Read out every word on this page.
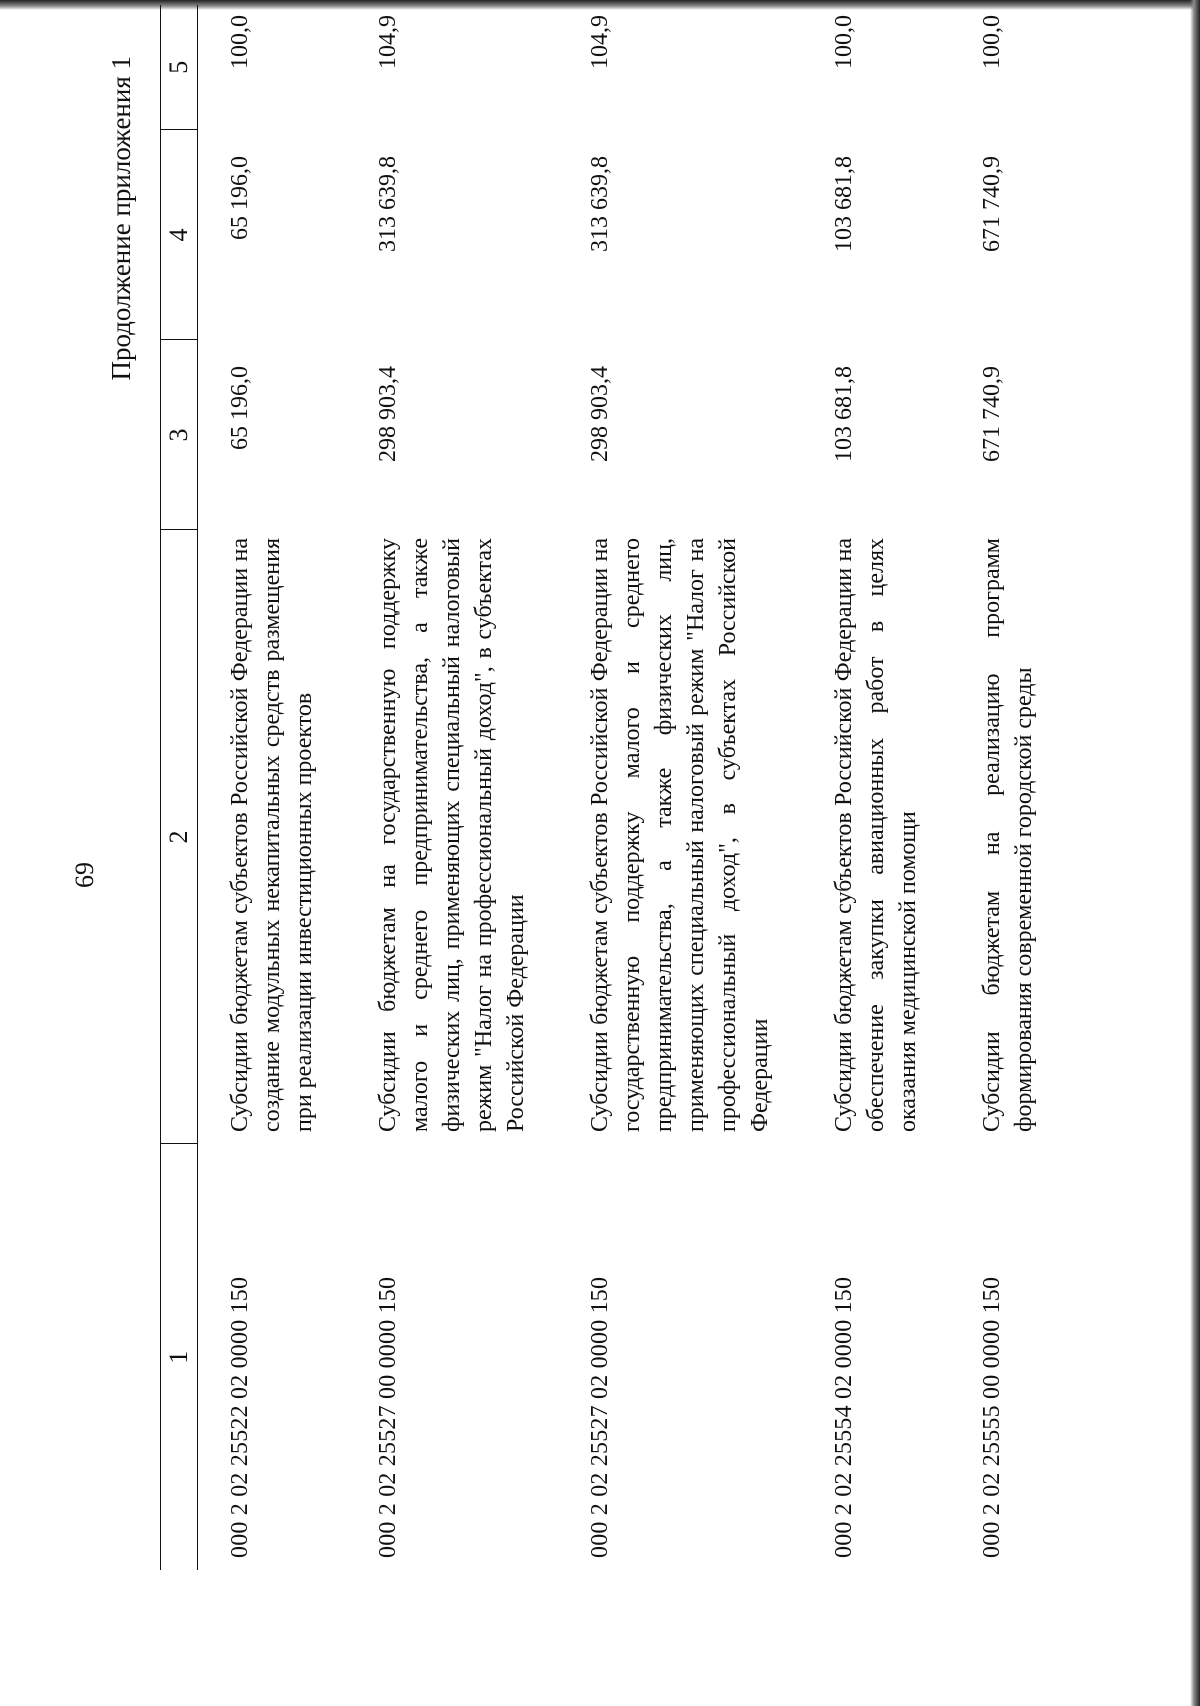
69
Продолжение приложения 1
1	2	3	4	5
000 2 02 25522 02 0000 150	Субсидии бюджетам субъектов Российской Федерации на создание модульных некапитальных средств размещения при реализации инвестиционных проектов	65 196,0	65 196,0	100,0
000 2 02 25527 00 0000 150	Субсидии бюджетам на государственную поддержку малого и среднего предпринимательства, а также физических лиц, применяющих специальный налоговый режим "Налог на профессиональный доход", в субъектах Российской Федерации	298 903,4	313 639,8	104,9
000 2 02 25527 02 0000 150	Субсидии бюджетам субъектов Российской Федерации на государственную поддержку малого и среднего предпринимательства, а также физических лиц, применяющих специальный налоговый режим "Налог на профессиональный доход", в субъектах Российской Федерации	298 903,4	313 639,8	104,9
000 2 02 25554 02 0000 150	Субсидии бюджетам субъектов Российской Федерации на обеспечение закупки авиационных работ в целях оказания медицинской помощи	103 681,8	103 681,8	100,0
000 2 02 25555 00 0000 150	Субсидии бюджетам на реализацию программ формирования современной городской среды	671 740,9	671 740,9	100,0
